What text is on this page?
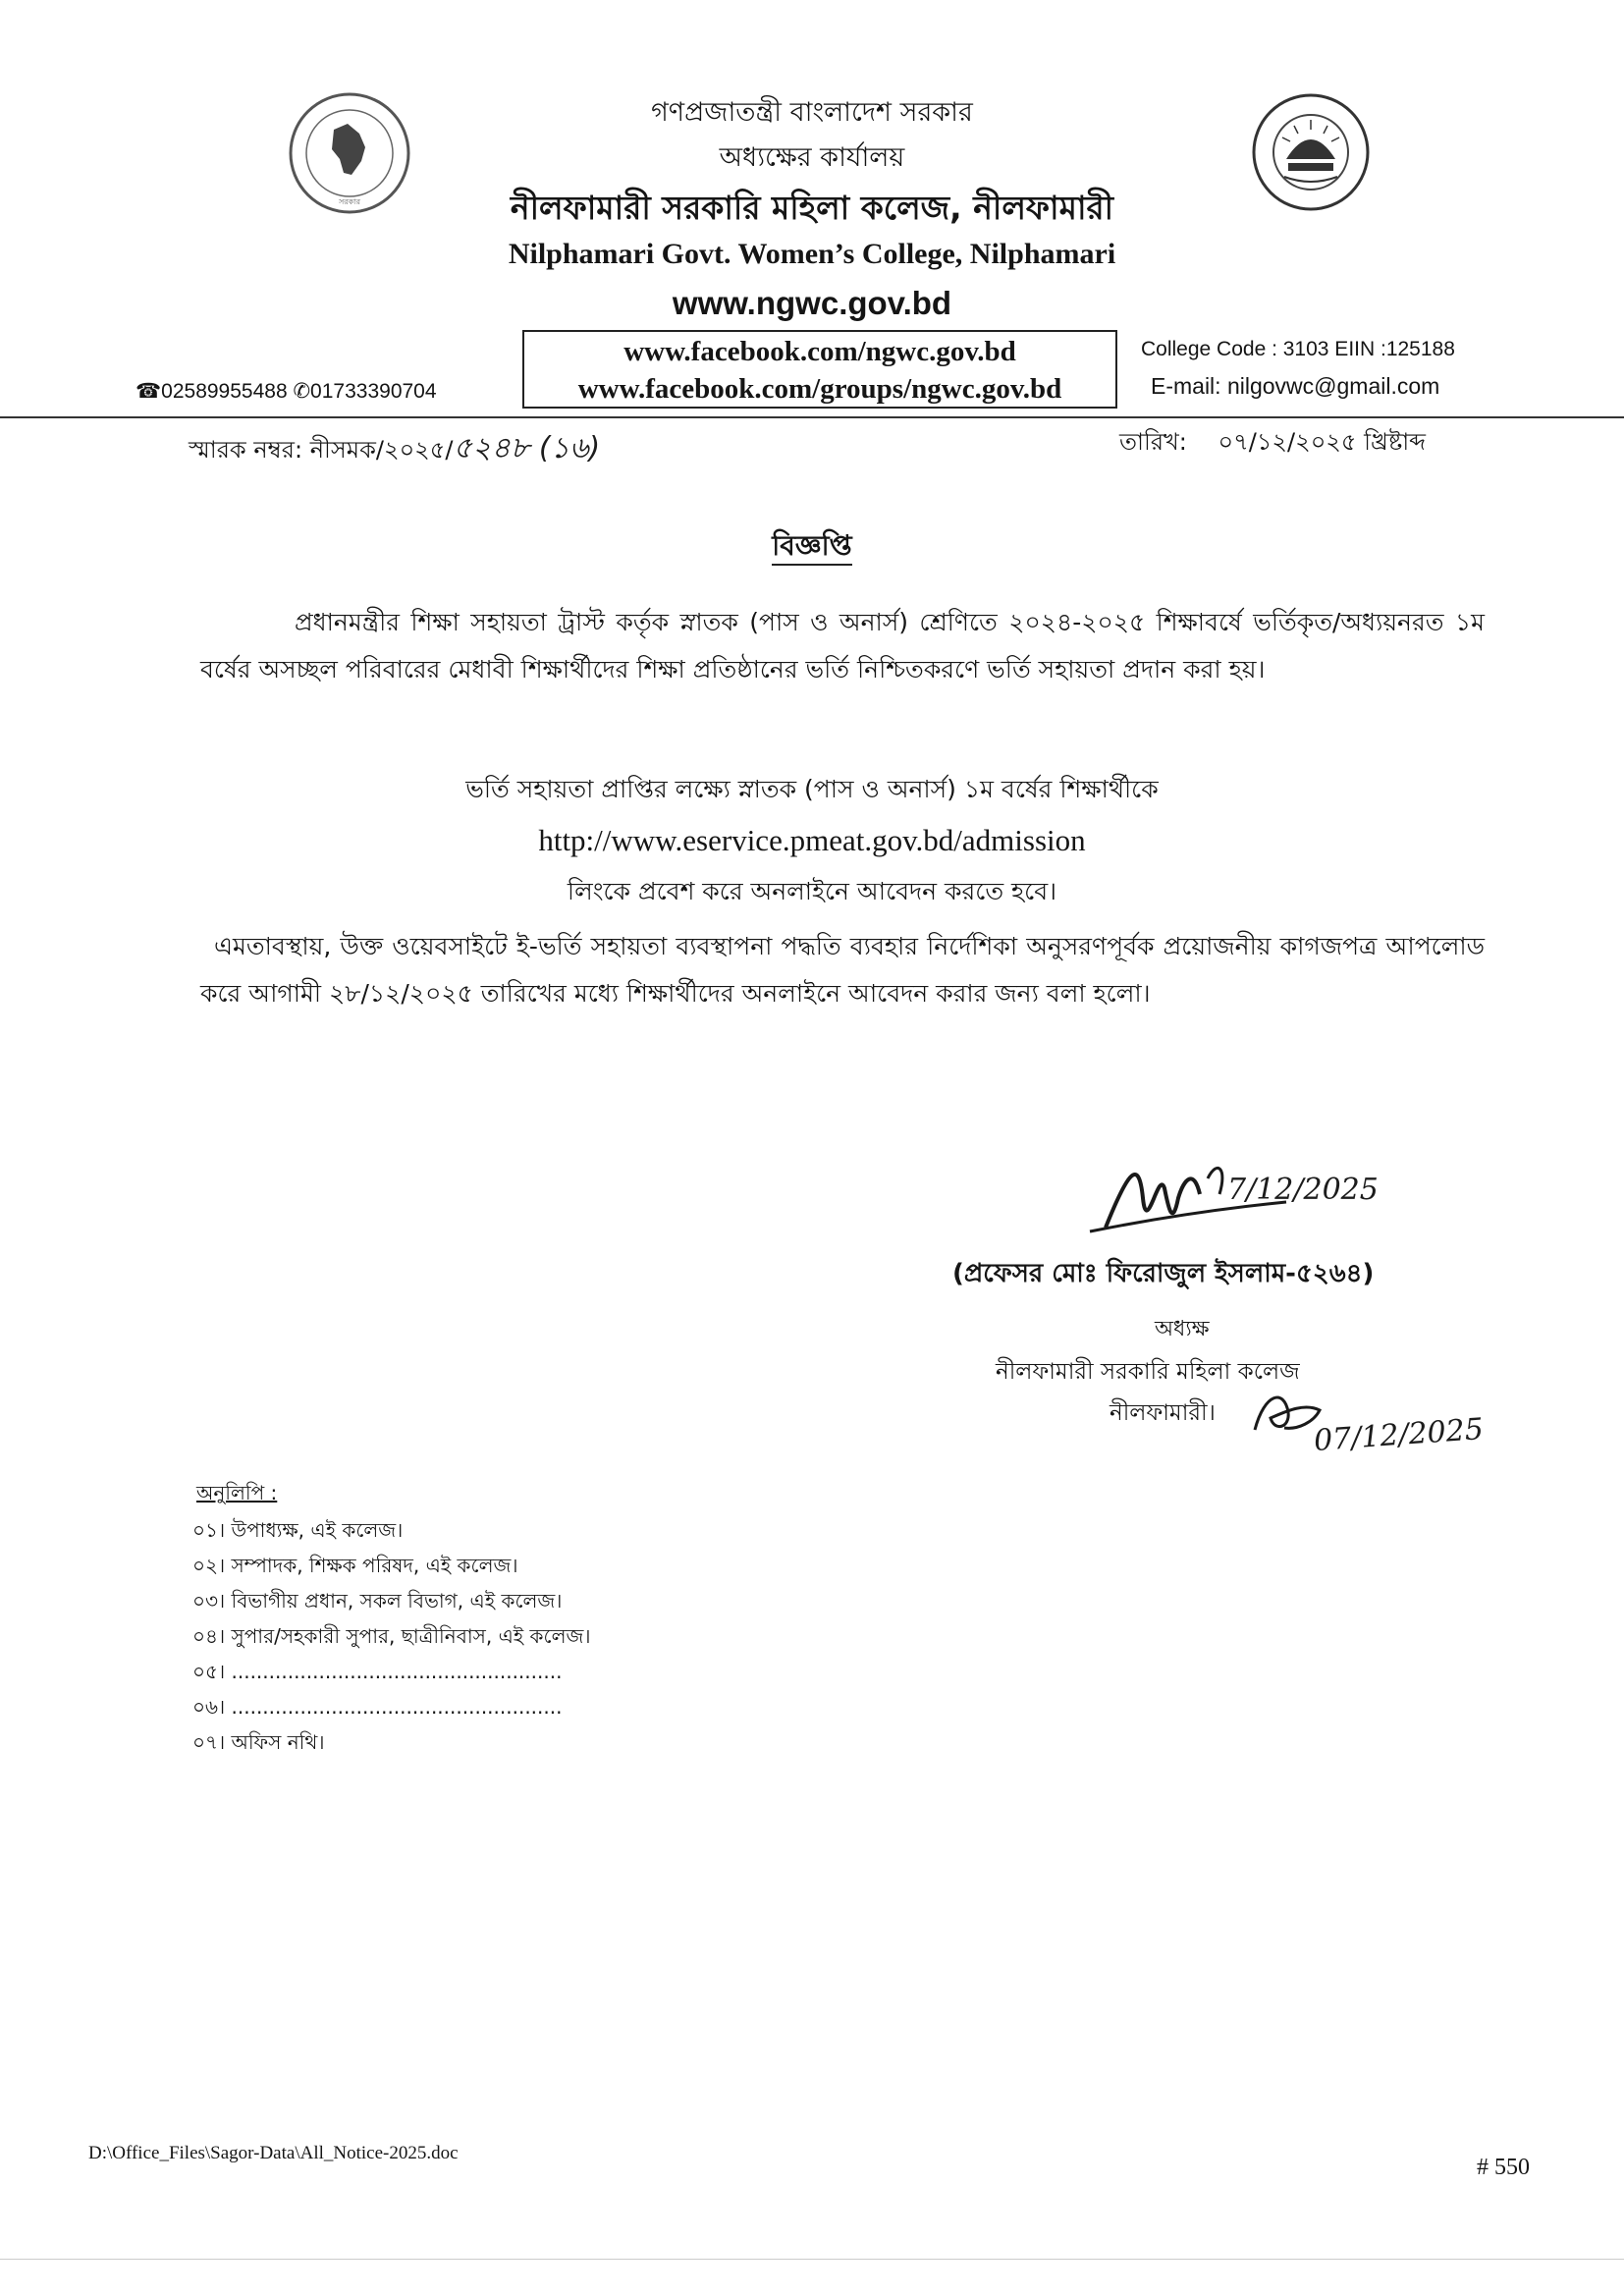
সরকার
গণপ্রজাতন্ত্রী বাংলাদেশ সরকার
অধ্যক্ষের কার্যালয়
নীলফামারী সরকারি মহিলা কলেজ, নীলফামারী
Nilphamari Govt. Women’s College, Nilphamari
www.ngwc.gov.bd
www.facebook.com/ngwc.gov.bd
www.facebook.com/groups/ngwc.gov.bd
☎02589955488 ✆01733390704
College Code : 3103 EIIN :125188
E-mail: nilgovwc@gmail.com
স্মারক নম্বর: নীসমক/২০২৫/৫২৪৮ (১৬)	তারিখ: ০৭/১২/২০২৫ খ্রিষ্টাব্দ
বিজ্ঞপ্তি
প্রধানমন্ত্রীর শিক্ষা সহায়তা ট্রাস্ট কর্তৃক স্নাতক (পাস ও অনার্স) শ্রেণিতে ২০২৪-২০২৫ শিক্ষাবর্ষে ভর্তিকৃত/অধ্যয়নরত ১ম বর্ষের অসচ্ছল পরিবারের মেধাবী শিক্ষার্থীদের শিক্ষা প্রতিষ্ঠানের ভর্তি নিশ্চিতকরণে ভর্তি সহায়তা প্রদান করা হয়।
ভর্তি সহায়তা প্রাপ্তির লক্ষ্যে স্নাতক (পাস ও অনার্স) ১ম বর্ষের শিক্ষার্থীকে
http://www.eservice.pmeat.gov.bd/admission
লিংকে প্রবেশ করে অনলাইনে আবেদন করতে হবে।
এমতাবস্থায়, উক্ত ওয়েবসাইটে ই-ভর্তি সহায়তা ব্যবস্থাপনা পদ্ধতি ব্যবহার নির্দেশিকা অনুসরণপূর্বক প্রয়োজনীয় কাগজপত্র আপলোড করে আগামী ২৮/১২/২০২৫ তারিখের মধ্যে শিক্ষার্থীদের অনলাইনে আবেদন করার জন্য বলা হলো।
7/12/2025
(প্রফেসর মোঃ ফিরোজুল ইসলাম-৫২৬৪)
অধ্যক্ষ
নীলফামারী সরকারি মহিলা কলেজ
নীলফামারী।	07/12/2025
অনুলিপি :
০১। উপাধ্যক্ষ, এই কলেজ।
০২। সম্পাদক, শিক্ষক পরিষদ, এই কলেজ।
০৩। বিভাগীয় প্রধান, সকল বিভাগ, এই কলেজ।
০৪। সুপার/সহকারী সুপার, ছাত্রীনিবাস, এই কলেজ।
০৫। .....................................................
০৬। .....................................................
০৭। অফিস নথি।
D:\Office_Files\Sagor-Data\All_Notice-2025.doc
# 550
